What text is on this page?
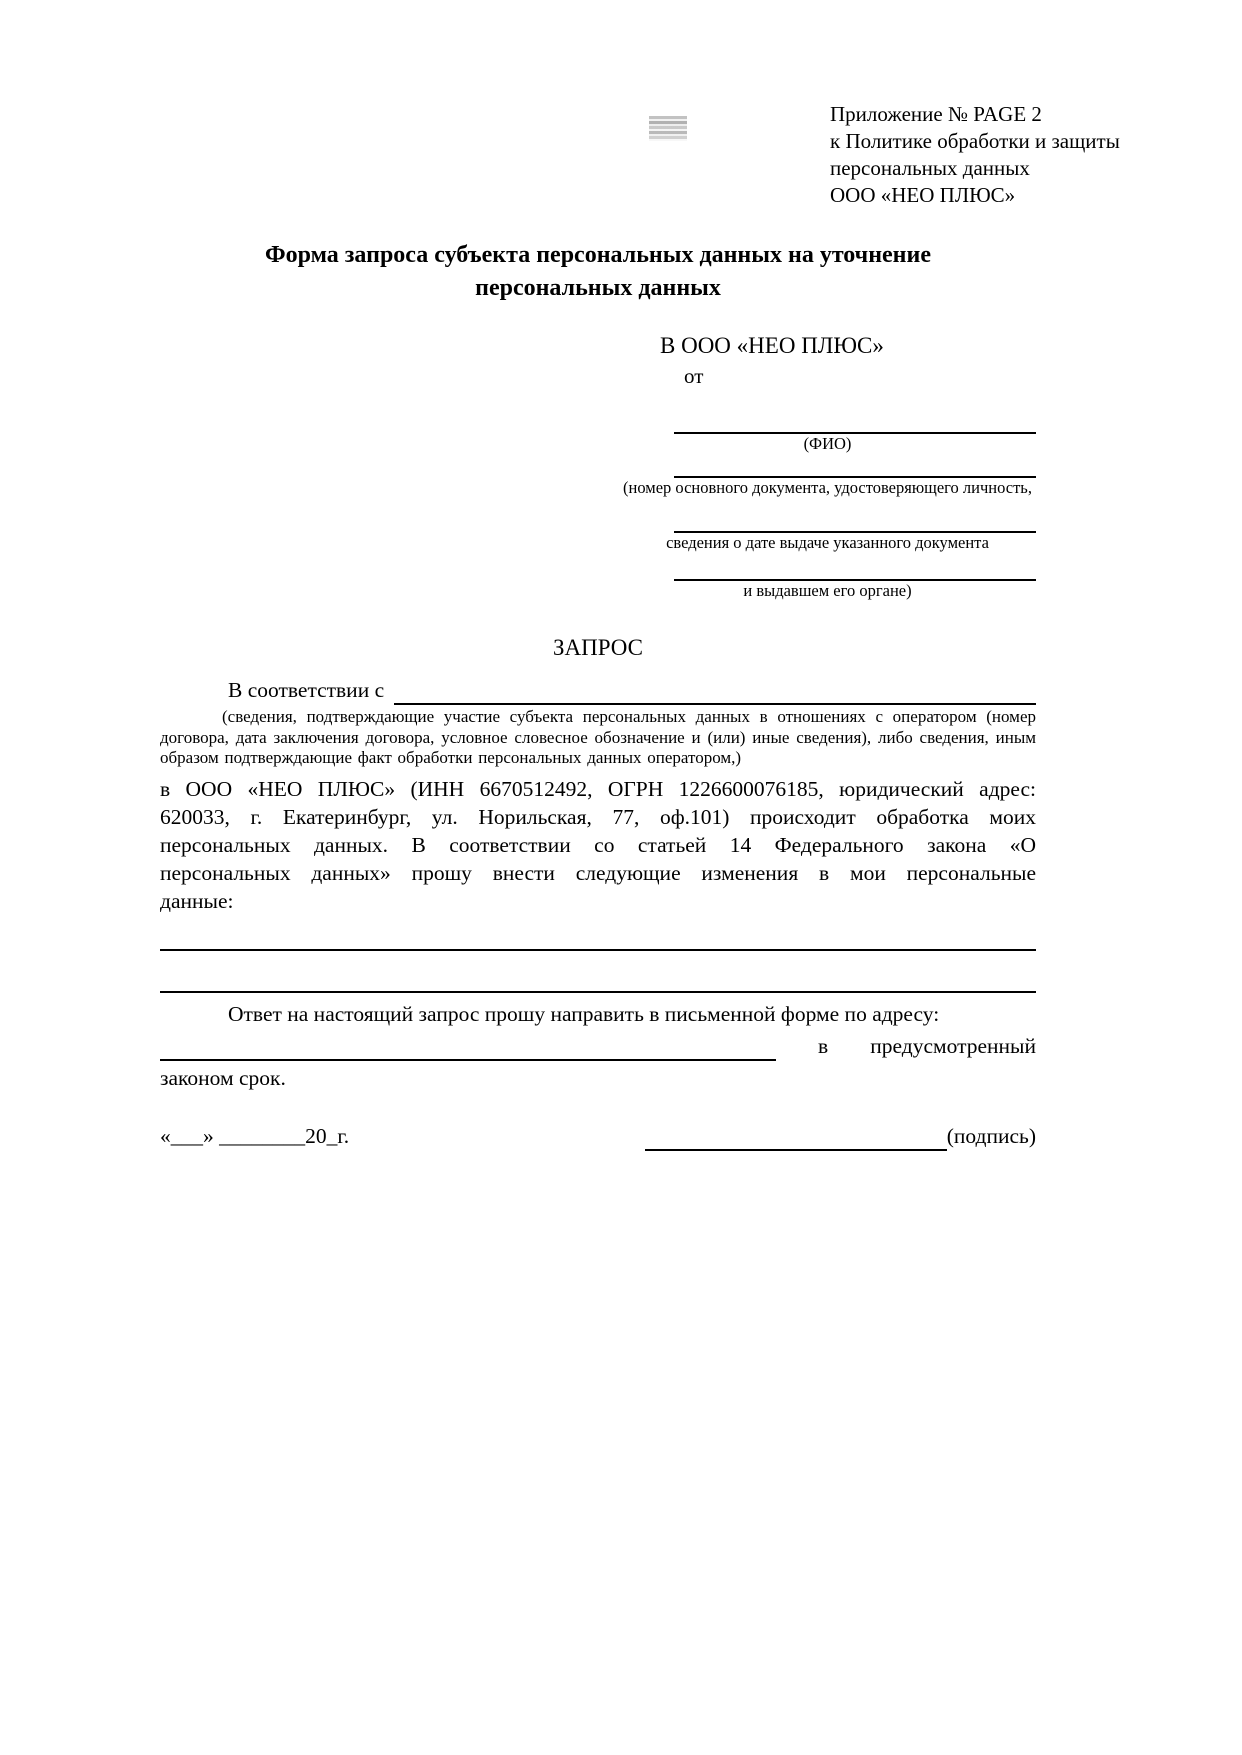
Приложение № PAGE 2
к Политике обработки и защиты
персональных данных
ООО «НЕО ПЛЮС»
Форма запроса субъекта персональных данных на уточнение
персональных данных
В ООО «НЕО ПЛЮС»
от
(ФИО)
(номер основного документа, удостоверяющего личность,
сведения о дате выдаче указанного документа
и выдавшем его органе)
ЗАПРОС
В соответствии с
(сведения, подтверждающие участие субъекта персональных данных в отношениях с оператором (номер договора, дата заключения договора, условное словесное обозначение и (или) иные сведения), либо сведения, иным образом подтверждающие факт обработки персональных данных оператором,)
в ООО «НЕО ПЛЮС» (ИНН 6670512492, ОГРН 1226600076185, юридический адрес: 620033, г. Екатеринбург, ул. Норильская, 77, оф.101) происходит обработка моих персональных данных. В соответствии со статьей 14 Федерального закона «О персональных данных» прошу внести следующие изменения в мои персональные данные:
Ответ на настоящий запрос прошу направить в письменной форме по адресу:
в предусмотренный
законом срок.
«___» ________20_г.	(подпись)
